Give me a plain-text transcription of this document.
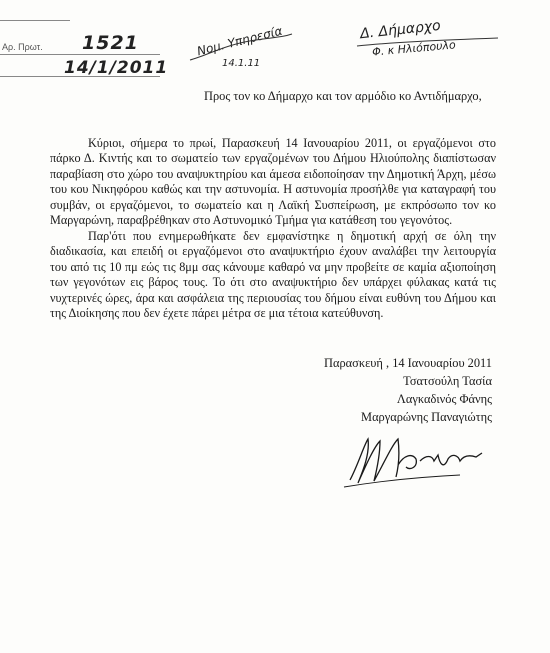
Αρ. Πρωτ. 1521
14/1/2011
Νομ. Υπηρεσία
14.1.11
Δ. Δήμαρχο
Φ. κ Ηλιόπουλο
Προς τον κο Δήμαρχο και τον αρμόδιο κο Αντιδήμαρχο,
Κύριοι, σήμερα το πρωί, Παρασκευή 14 Ιανουαρίου 2011, οι εργαζόμενοι στο πάρκο Δ. Κιντής και το σωματείο των εργαζομένων του Δήμου Ηλιούπολης διαπίστωσαν παραβίαση στο χώρο του αναψυκτηρίου και άμεσα ειδοποίησαν την Δημοτική Άρχη, μέσω του κου Νικηφόρου καθώς και την αστυνομία. Η αστυνομία προσήλθε για καταγραφή του συμβάν, οι εργαζόμενοι, το σωματείο και η Λαϊκή Συσπείρωση, με εκπρόσωπο τον κο Μαργαρώνη, παραβρέθηκαν στο Αστυνομικό Τμήμα για κατάθεση του γεγονότος.
Παρ'ότι που ενημερωθήκατε δεν εμφανίστηκε η δημοτική αρχή σε όλη την διαδικασία, και επειδή οι εργαζόμενοι στο αναψυκτήριο έχουν αναλάβει την λειτουργία του από τις 10 πμ εώς τις 8μμ σας κάνουμε καθαρό να μην προβείτε σε καμία αξιοποίηση των γεγονότων εις βάρος τους. Το ότι στο αναψυκτήριο δεν υπάρχει φύλακας κατά τις νυχτερινές ώρες, άρα και ασφάλεια της περιουσίας του δήμου είναι ευθύνη του Δήμου και της Διοίκησης που δεν έχετε πάρει μέτρα σε μια τέτοια κατεύθυνση.
Παρασκευή , 14 Ιανουαρίου 2011
Τσατσούλη Τασία
Λαγκαδινός Φάνης
Μαργαρώνης Παναγιώτης
